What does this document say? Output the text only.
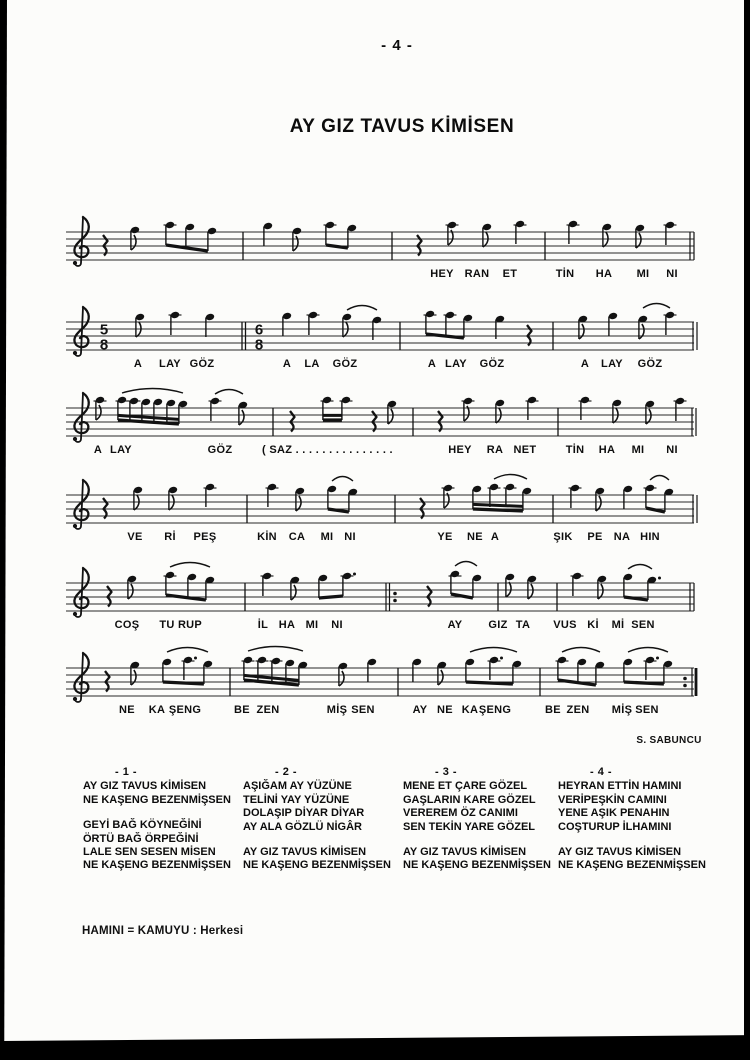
- 4 -
AY GIZ TAVUS KİMİSEN
5
8
6
8
HEY RAN ET	TİN HA MI NI
A LAY GÖZ	A LA GÖZ	A LAY GÖZ	A LAY GÖZ
A LAY	GÖZ	( SAZ . . . . . . . . . . . . . . .	HEY RA NET	TİN HA MI NI
VE Rİ PEŞ	KİN CA MI NI	YE NE A	ŞIK PE NA HIN
COŞ TU RUP	İL HA MI NI	AY GIZ TA VUS Kİ Mİ SEN
NE KA ŞENG	BE ZEN	MİŞ SEN	AY NE KA ŞENG	BE ZEN MİŞ SEN
S. SABUNCU
- 1 -
AY GIZ TAVUS KİMİSEN
NE KAŞENG BEZENMİŞSEN
GEYİ BAĞ KÖYNEĞİNİ
ÖRTÜ BAĞ ÖRPEĞİNİ
LALE SEN SESEN MİSEN
NE KAŞENG BEZENMİŞSEN
- 2 -
AŞIĞAM AY YÜZÜNE
TELİNİ YAY YÜZÜNE
DOLAŞIP DİYAR DİYAR
AY ALA GÖZLÜ NİGÂR
AY GIZ TAVUS KİMİSEN
NE KAŞENG BEZENMİŞSEN
- 3 -
MENE ET ÇARE GÖZEL
GAŞLARIN KARE GÖZEL
VEREREM ÖZ CANIMI
SEN TEKİN YARE GÖZEL
AY GIZ TAVUS KİMİSEN
NE KAŞENG BEZENMİŞSEN
- 4 -
HEYRAN ETTİN HAMINI
VERİPEŞKİN CAMINI
YENE AŞIK PENAHIN
COŞTURUP İLHAMINI
AY GIZ TAVUS KİMİSEN
NE KAŞENG BEZENMİŞSEN
HAMINI = KAMUYU : Herkesi
